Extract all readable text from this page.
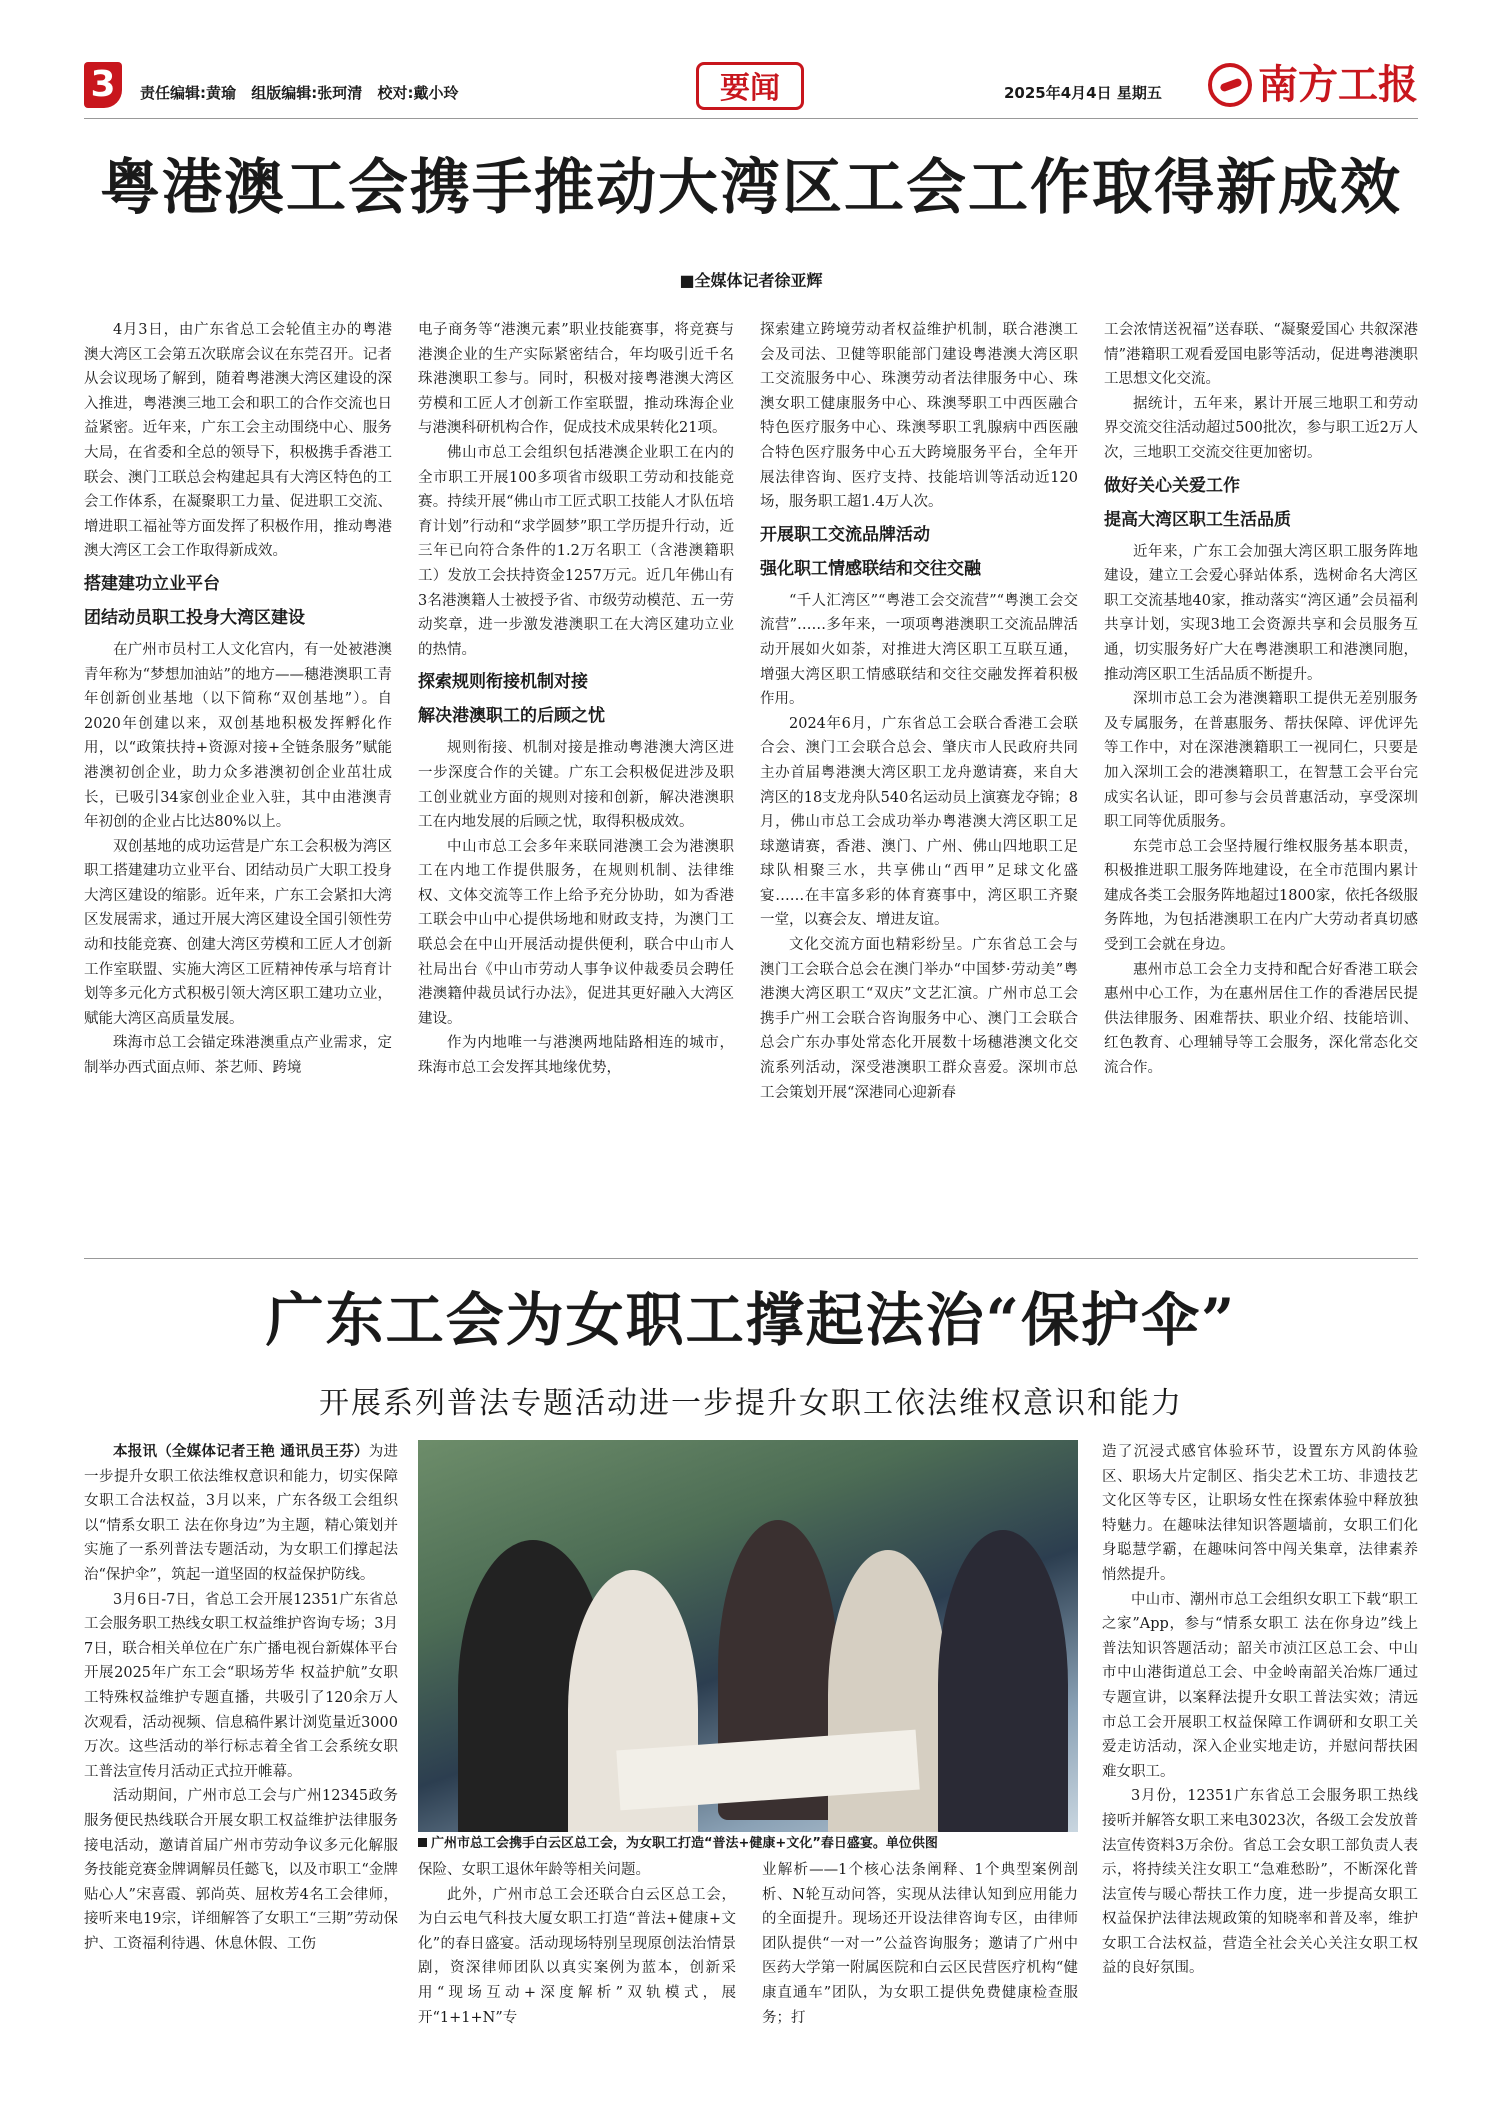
3	责任编辑:黄瑜 组版编辑:张珂清 校对:戴小玲	要闻	2025年4月4日 星期五 南方工报
粤港澳工会携手推动大湾区工会工作取得新成效
■全媒体记者徐亚辉

4月3日，由广东省总工会轮值主办的粤港澳大湾区工会第五次联席会议在东莞召开。记者从会议现场了解到，随着粤港澳大湾区建设的深入推进，粤港澳三地工会和职工的合作交流也日益紧密。近年来，广东工会主动围绕中心、服务大局，在省委和全总的领导下，积极携手香港工联会、澳门工联总会构建起具有大湾区特色的工会工作体系，在凝聚职工力量、促进职工交流、增进职工福祉等方面发挥了积极作用，推动粤港澳大湾区工会工作取得新成效。

搭建建功立业平台
团结动员职工投身大湾区建设

在广州市员村工人文化宫内，有一处被港澳青年称为“梦想加油站”的地方——穗港澳职工青年创新创业基地（以下简称“双创基地”）。自2020年创建以来，双创基地积极发挥孵化作用，以“政策扶持+资源对接+全链条服务”赋能港澳初创企业，助力众多港澳初创企业茁壮成长，已吸引34家创业企业入驻，其中由港澳青年初创的企业占比达80%以上。

双创基地的成功运营是广东工会积极为湾区职工搭建建功立业平台、团结动员广大职工投身大湾区建设的缩影。近年来，广东工会紧扣大湾区发展需求，通过开展大湾区建设全国引领性劳动和技能竞赛、创建大湾区劳模和工匠人才创新工作室联盟、实施大湾区工匠精神传承与培育计划等多元化方式积极引领大湾区职工建功立业，赋能大湾区高质量发展。

珠海市总工会锚定珠港澳重点产业需求，定制举办西式面点师、茶艺师、跨境

电子商务等“港澳元素”职业技能赛事，将竞赛与港澳企业的生产实际紧密结合，年均吸引近千名珠港澳职工参与。同时，积极对接粤港澳大湾区劳模和工匠人才创新工作室联盟，推动珠海企业与港澳科研机构合作，促成技术成果转化21项。

佛山市总工会组织包括港澳企业职工在内的全市职工开展100多项省市级职工劳动和技能竞赛。持续开展“佛山市工匠式职工技能人才队伍培育计划”行动和“求学圆梦”职工学历提升行动，近三年已向符合条件的1.2万名职工（含港澳籍职工）发放工会扶持资金1257万元。近几年佛山有3名港澳籍人士被授予省、市级劳动模范、五一劳动奖章，进一步激发港澳职工在大湾区建功立业的热情。

探索规则衔接机制对接
解决港澳职工的后顾之忧

规则衔接、机制对接是推动粤港澳大湾区进一步深度合作的关键。广东工会积极促进涉及职工创业就业方面的规则对接和创新，解决港澳职工在内地发展的后顾之忧，取得积极成效。

中山市总工会多年来联同港澳工会为港澳职工在内地工作提供服务，在规则机制、法律维权、文体交流等工作上给予充分协助，如为香港工联会中山中心提供场地和财政支持，为澳门工联总会在中山开展活动提供便利，联合中山市人社局出台《中山市劳动人事争议仲裁委员会聘任港澳籍仲裁员试行办法》，促进其更好融入大湾区建设。

作为内地唯一与港澳两地陆路相连的城市，珠海市总工会发挥其地缘优势，

探索建立跨境劳动者权益维护机制，联合港澳工会及司法、卫健等职能部门建设粤港澳大湾区职工交流服务中心、珠澳劳动者法律服务中心、珠澳女职工健康服务中心、珠澳琴职工中西医融合特色医疗服务中心、珠澳琴职工乳腺病中西医融合特色医疗服务中心五大跨境服务平台，全年开展法律咨询、医疗支持、技能培训等活动近120场，服务职工超1.4万人次。

开展职工交流品牌活动
强化职工情感联结和交往交融

“千人汇湾区”“粤港工会交流营”“粤澳工会交流营”……多年来，一项项粤港澳职工交流品牌活动开展如火如荼，对推进大湾区职工互联互通，增强大湾区职工情感联结和交往交融发挥着积极作用。

2024年6月，广东省总工会联合香港工会联合会、澳门工会联合总会、肇庆市人民政府共同主办首届粤港澳大湾区职工龙舟邀请赛，来自大湾区的18支龙舟队540名运动员上演赛龙夺锦；8月，佛山市总工会成功举办粤港澳大湾区职工足球邀请赛，香港、澳门、广州、佛山四地职工足球队相聚三水，共享佛山“西甲”足球文化盛宴……在丰富多彩的体育赛事中，湾区职工齐聚一堂，以赛会友、增进友谊。

文化交流方面也精彩纷呈。广东省总工会与澳门工会联合总会在澳门举办“中国梦·劳动美”粤港澳大湾区职工“双庆”文艺汇演。广州市总工会携手广州工会联合咨询服务中心、澳门工会联合总会广东办事处常态化开展数十场穗港澳文化交流系列活动，深受港澳职工群众喜爱。深圳市总工会策划开展“深港同心迎新春

工会浓情送祝福”送春联、“凝聚爱国心 共叙深港情”港籍职工观看爱国电影等活动，促进粤港澳职工思想文化交流。

据统计，五年来，累计开展三地职工和劳动界交流交往活动超过500批次，参与职工近2万人次，三地职工交流交往更加密切。

做好关心关爱工作
提高大湾区职工生活品质

近年来，广东工会加强大湾区职工服务阵地建设，建立工会爱心驿站体系，选树命名大湾区职工交流基地40家，推动落实“湾区通”会员福利共享计划，实现3地工会资源共享和会员服务互通，切实服务好广大在粤港澳职工和港澳同胞，推动湾区职工生活品质不断提升。

深圳市总工会为港澳籍职工提供无差别服务及专属服务，在普惠服务、帮扶保障、评优评先等工作中，对在深港澳籍职工一视同仁，只要是加入深圳工会的港澳籍职工，在智慧工会平台完成实名认证，即可参与会员普惠活动，享受深圳职工同等优质服务。

东莞市总工会坚持履行维权服务基本职责，积极推进职工服务阵地建设，在全市范围内累计建成各类工会服务阵地超过1800家，依托各级服务阵地，为包括港澳职工在内广大劳动者真切感受到工会就在身边。

惠州市总工会全力支持和配合好香港工联会惠州中心工作，为在惠州居住工作的香港居民提供法律服务、困难帮扶、职业介绍、技能培训、红色教育、心理辅导等工会服务，深化常态化交流合作。

广东工会为女职工撑起法治“保护伞”
开展系列普法专题活动进一步提升女职工依法维权意识和能力

本报讯（全媒体记者王艳 通讯员王芬）为进一步提升女职工依法维权意识和能力，切实保障女职工合法权益，3月以来，广东各级工会组织以“情系女职工 法在你身边”为主题，精心策划并实施了一系列普法专题活动，为女职工们撑起法治“保护伞”，筑起一道坚固的权益保护防线。

3月6日-7日，省总工会开展12351广东省总工会服务职工热线女职工权益维护咨询专场；3月7日，联合相关单位在广东广播电视台新媒体平台开展2025年广东工会“职场芳华 权益护航”女职工特殊权益维护专题直播，共吸引了120余万人次观看，活动视频、信息稿件累计浏览量近3000万次。这些活动的举行标志着全省工会系统女职工普法宣传月活动正式拉开帷幕。

活动期间，广州市总工会与广州12345政务服务便民热线联合开展女职工权益维护法律服务接电活动，邀请首届广州市劳动争议多元化解服务技能竞赛金牌调解员任懿飞，以及市职工“金牌贴心人”宋喜霞、郭尚英、屈枚芳4名工会律师，接听来电19宗，详细解答了女职工“三期”劳动保护、工资福利待遇、休息休假、工伤

广州市总工会携手白云区总工会，为女职工打造“普法+健康+文化”春日盛宴。单位供图

保险、女职工退休年龄等相关问题。

此外，广州市总工会还联合白云区总工会，为白云电气科技大厦女职工打造“普法+健康+文化”的春日盛宴。活动现场特别呈现原创法治情景剧，资深律师团队以真实案例为蓝本，创新采用“现场互动+深度解析”双轨模式，展开“1+1+N”专

业解析——1个核心法条阐释、1个典型案例剖析、N轮互动问答，实现从法律认知到应用能力的全面提升。现场还开设法律咨询专区，由律师团队提供“一对一”公益咨询服务；邀请了广州中医药大学第一附属医院和白云区民营医疗机构“健康直通车”团队，为女职工提供免费健康检查服务；打

造了沉浸式感官体验环节，设置东方风韵体验区、职场大片定制区、指尖艺术工坊、非遗技艺文化区等专区，让职场女性在探索体验中释放独特魅力。在趣味法律知识答题墙前，女职工们化身聪慧学霸，在趣味问答中闯关集章，法律素养悄然提升。

中山市、潮州市总工会组织女职工下载“职工之家”App，参与“情系女职工 法在你身边”线上普法知识答题活动；韶关市浈江区总工会、中山市中山港街道总工会、中金岭南韶关冶炼厂通过专题宣讲，以案释法提升女职工普法实效；清远市总工会开展职工权益保障工作调研和女职工关爱走访活动，深入企业实地走访，并慰问帮扶困难女职工。

3月份，12351广东省总工会服务职工热线接听并解答女职工来电3023次，各级工会发放普法宣传资料3万余份。省总工会女职工部负责人表示，将持续关注女职工“急难愁盼”，不断深化普法宣传与暖心帮扶工作力度，进一步提高女职工权益保护法律法规政策的知晓率和普及率，维护女职工合法权益，营造全社会关心关注女职工权益的良好氛围。
